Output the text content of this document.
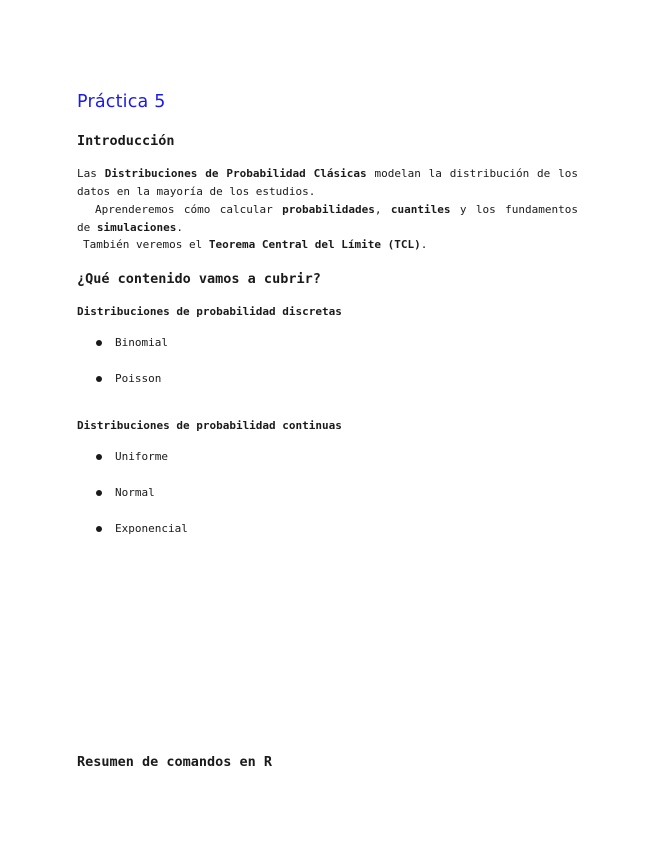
Práctica 5
Introducción

Las Distribuciones de Probabilidad Clásicas modelan la distribución de los datos en la mayoría de los estudios.

Aprenderemos cómo calcular probabilidades, cuantiles y los fundamentos de simulaciones.

También veremos el Teorema Central del Límite (TCL).

¿Qué contenido vamos a cubrir?
Distribuciones de probabilidad discretas
Binomial
Poisson
Distribuciones de probabilidad continuas
Uniforme
Normal
Exponencial
Resumen de comandos en R
